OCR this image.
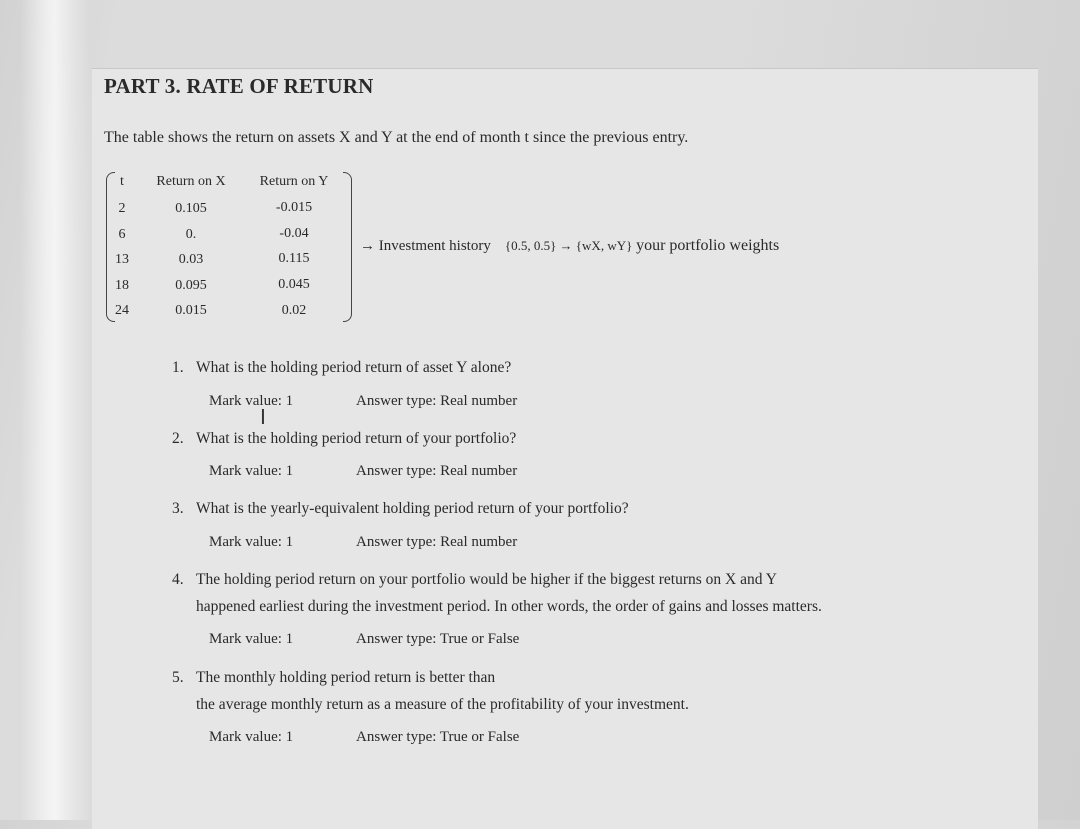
PART 3. RATE OF RETURN
The table shows the return on assets X and Y at the end of month t since the previous entry.
t	Return on X	Return on Y
2	0.105	-0.015
6	0.	-0.04
13	0.03	0.115
18	0.095	0.045
24	0.015	0.02
→ Investment history {0.5, 0.5} → {wX, wY} your portfolio weights
1. What is the holding period return of asset Y alone?
Mark value: 1	Answer type: Real number
I
2. What is the holding period return of your portfolio?
Mark value: 1	Answer type: Real number
3. What is the yearly-equivalent holding period return of your portfolio?
Mark value: 1	Answer type: Real number
4. The holding period return on your portfolio would be higher if the biggest returns on X and Y
happened earliest during the investment period. In other words, the order of gains and losses matters.
Mark value: 1	Answer type: True or False
5. The monthly holding period return is better than
the average monthly return as a measure of the profitability of your investment.
Mark value: 1	Answer type: True or False
